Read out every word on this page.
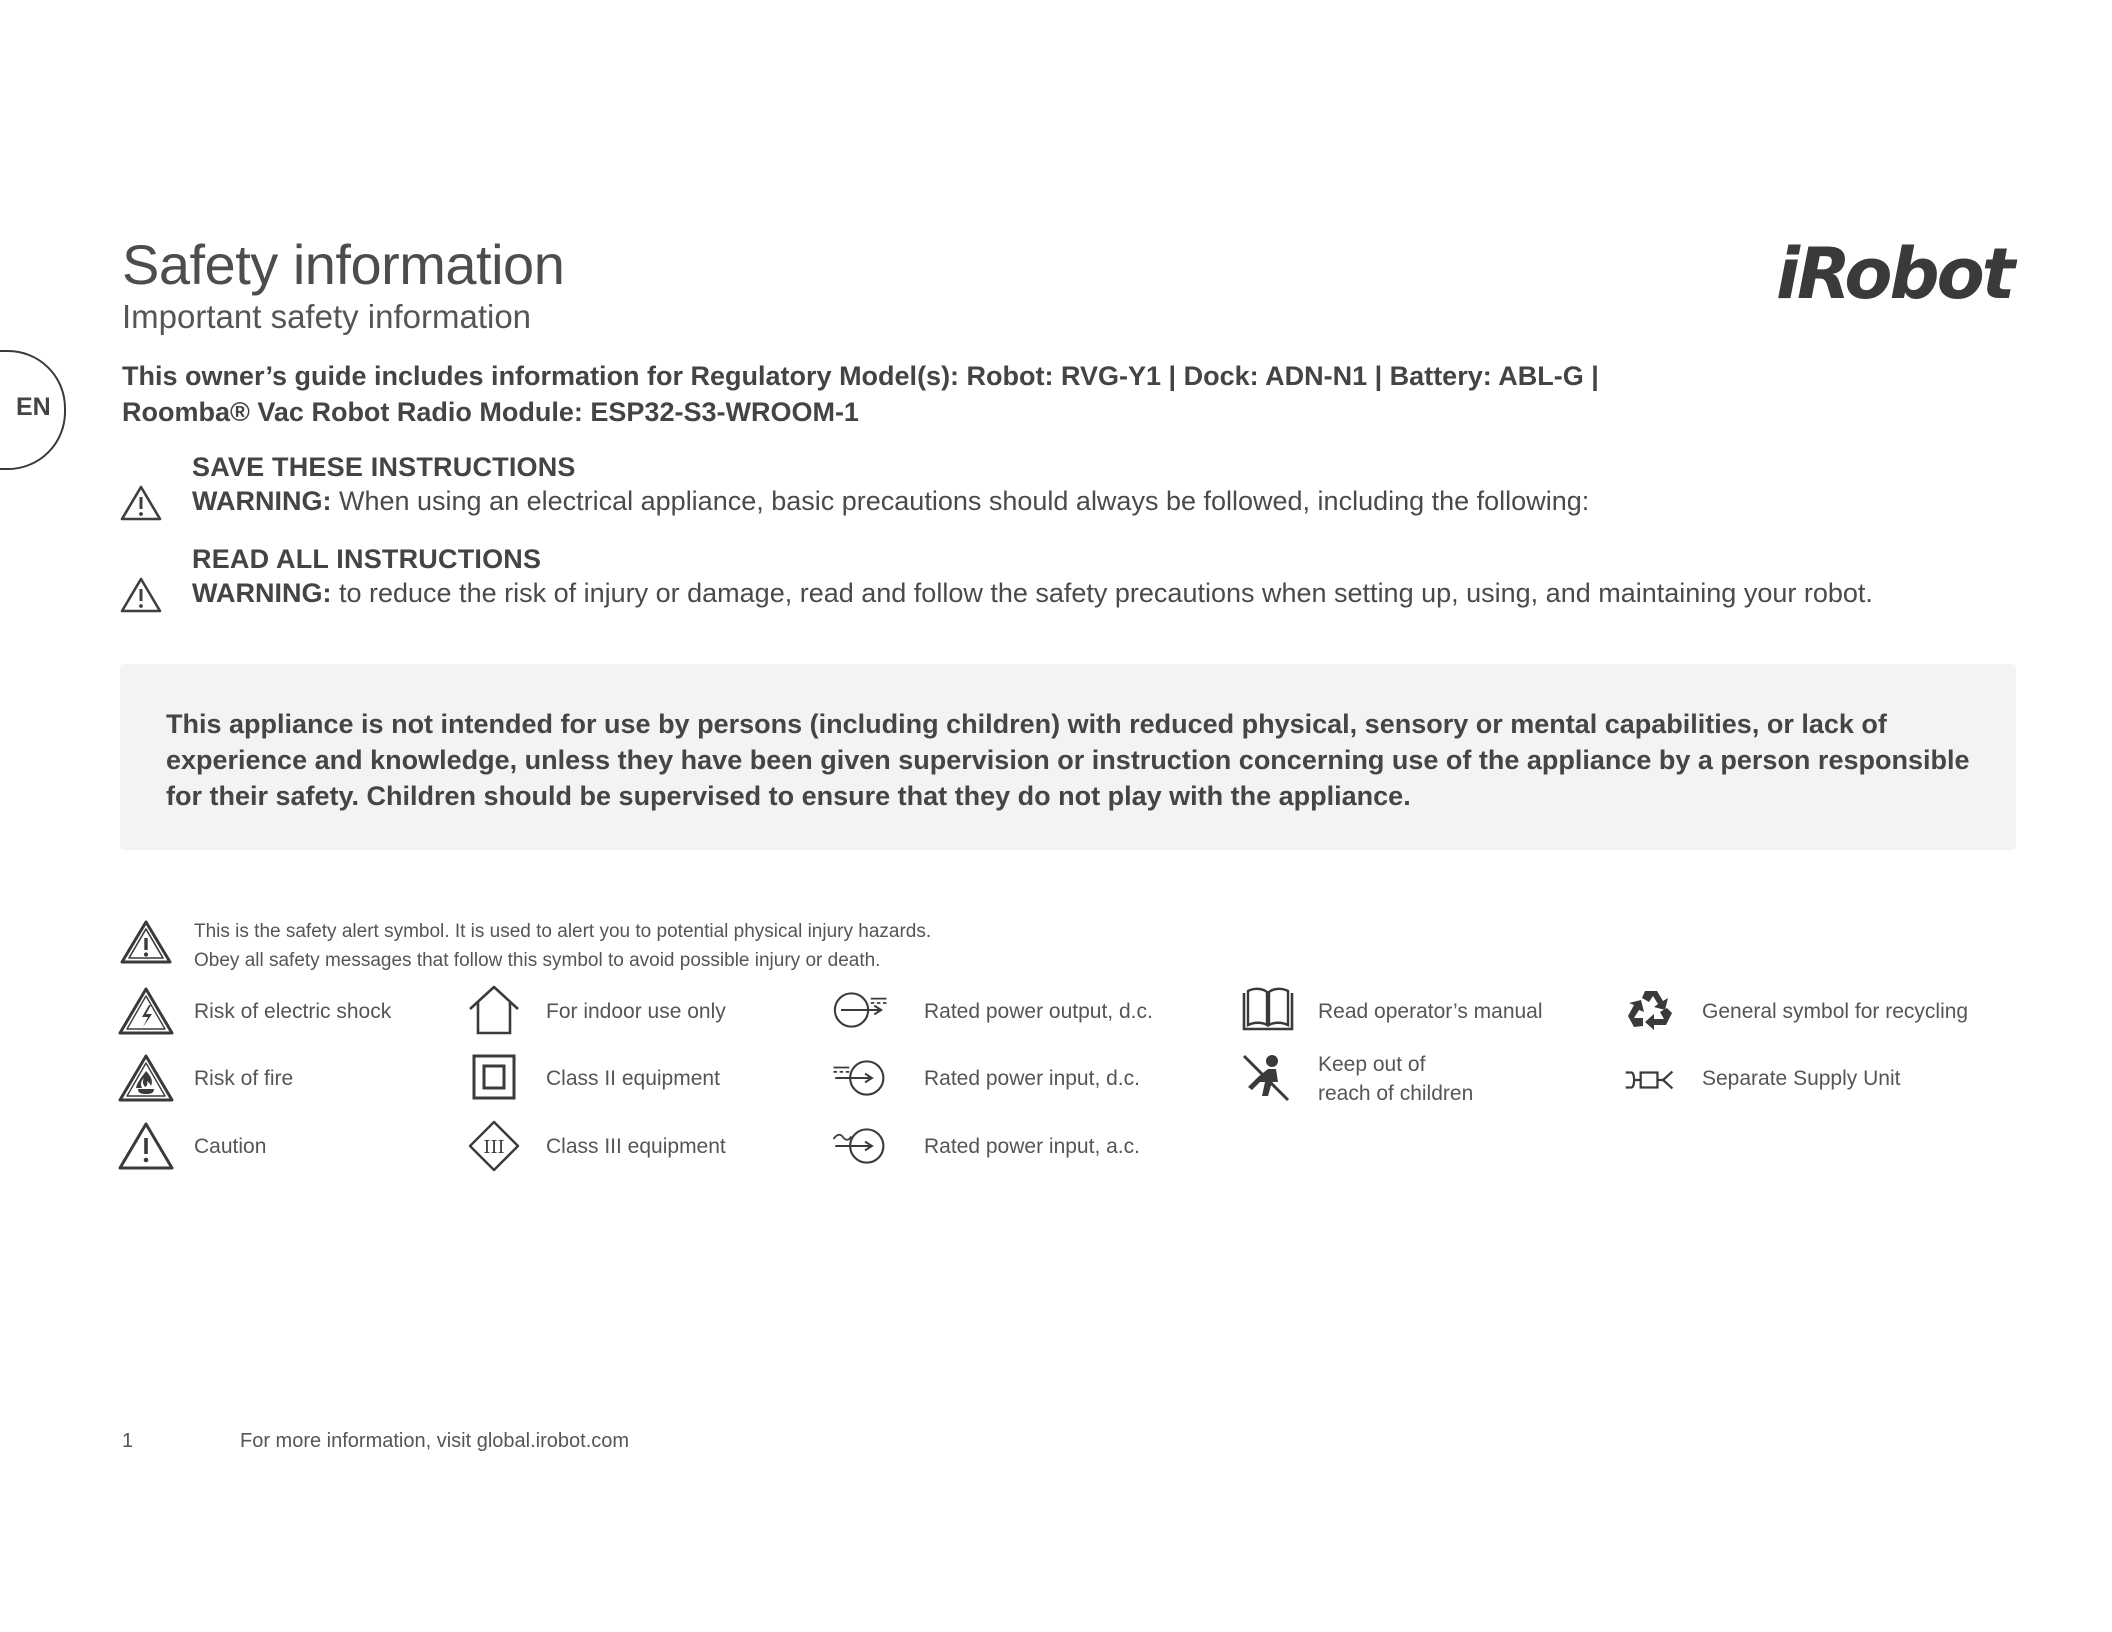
Safety information
Important safety information
iRobot
EN
This owner’s guide includes information for Regulatory Model(s): Robot: RVG-Y1 | Dock: ADN-N1 | Battery: ABL-G |
Roomba® Vac Robot Radio Module: ESP32-S3-WROOM-1
SAVE THESE INSTRUCTIONS
WARNING: When using an electrical appliance, basic precautions should always be followed, including the following:
READ ALL INSTRUCTIONS
WARNING: to reduce the risk of injury or damage, read and follow the safety precautions when setting up, using, and maintaining your robot.
This appliance is not intended for use by persons (including children) with reduced physical, sensory or mental capabilities, or lack of experience and knowledge, unless they have been given supervision or instruction concerning use of the appliance by a person responsible for their safety. Children should be supervised to ensure that they do not play with the appliance.
This is the safety alert symbol. It is used to alert you to potential physical injury hazards.
Obey all safety messages that follow this symbol to avoid possible injury or death.
Risk of electric shock
Risk of fire
Caution
For indoor use only
Class II equipment
III Class III equipment
Rated power output, d.c.
Rated power input, d.c.
Rated power input, a.c.
Read operator’s manual
Keep out of
reach of children
General symbol for recycling
Separate Supply Unit
1	For more information, visit global.irobot.com
